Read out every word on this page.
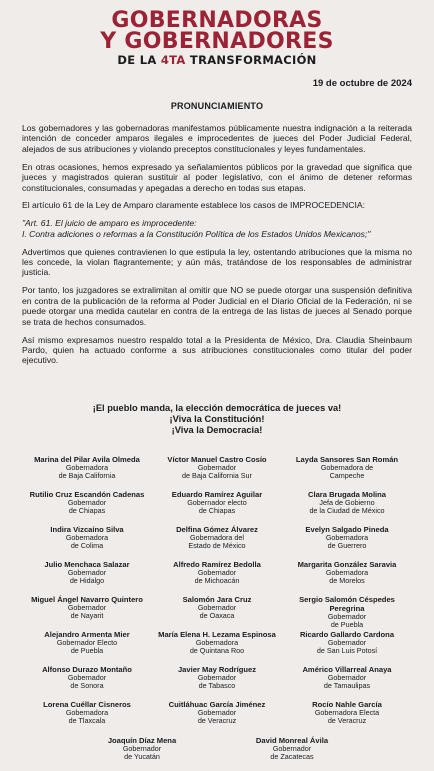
GOBERNADORAS
Y GOBERNADORES
DE LA 4TA TRANSFORMACIÓN
19 de octubre de 2024
PRONUNCIAMIENTO

Los gobernadores y las gobernadoras manifestamos públicamente nuestra indignación a la reiterada intención de conceder amparos ilegales e improcedentes de jueces del Poder Judicial Federal, alejados de sus atribuciones y violando preceptos constitucionales y leyes fundamentales.

En otras ocasiones, hemos expresado ya señalamientos públicos por la gravedad que significa que jueces y magistrados quieran sustituir al poder legislativo, con el ánimo de detener reformas constitucionales, consumadas y apegadas a derecho en todas sus etapas.

El artículo 61 de la Ley de Amparo claramente establece los casos de IMPROCEDENCIA:

"Art. 61. El juicio de amparo es improcedente:
I. Contra adiciones o reformas a la Constitución Política de los Estados Unidos Mexicanos;"

Advertimos que quienes contravienen lo que estipula la ley, ostentando atribuciones que la misma no les concede, la violan flagrantemente; y aún más, tratándose de los responsables de administrar justicia.

Por tanto, los juzgadores se extralimitan al omitir que NO se puede otorgar una suspensión definitiva en contra de la publicación de la reforma al Poder Judicial en el Diario Oficial de la Federación, ni se puede otorgar una medida cautelar en contra de la entrega de las listas de jueces al Senado porque se trata de hechos consumados.

Así mismo expresamos nuestro respaldo total a la Presidenta de México, Dra. Claudia Sheinbaum Pardo, quien ha actuado conforme a sus atribuciones constitucionales como titular del poder ejecutivo.

¡El pueblo manda, la elección democrática de jueces va!
¡Viva la Constitución!
¡Viva la Democracia!
Marina del Pilar Avila Olmeda
Gobernadora
de Baja California
Víctor Manuel Castro Cosío
Gobernador
de Baja California Sur
Layda Sansores San Román
Gobernadora de
Campeche
Rutilio Cruz Escandón Cadenas
Gobernador
de Chiapas
Eduardo Ramírez Aguilar
Gobernador electo
de Chiapas
Clara Brugada Molina
Jefa de Gobierno
de la Ciudad de México
Indira Vizcaíno Silva
Gobernadora
de Colima
Delfina Gómez Álvarez
Gobernadora del
Estado de México
Evelyn Salgado Pineda
Gobernadora
de Guerrero
Julio Menchaca Salazar
Gobernador
de Hidalgo
Alfredo Ramírez Bedolla
Gobernador
de Michoacán
Margarita González Saravia
Gobernadora
de Morelos
Miguel Ángel Navarro Quintero
Gobernador
de Nayarit
Salomón Jara Cruz
Gobernador
de Oaxaca
Sergio Salomón Céspedes Peregrina
Gobernador
de Puebla
Alejandro Armenta Mier
Gobernador Electo
de Puebla
María Elena H. Lezama Espinosa
Gobernadora
de Quintana Roo
Ricardo Gallardo Cardona
Gobernador
de San Luis Potosí
Alfonso Durazo Montaño
Gobernador
de Sonora
Javier May Rodríguez
Gobernador
de Tabasco
Américo Villarreal Anaya
Gobernador
de Tamaulipas
Lorena Cuéllar Cisneros
Gobernadora
de Tlaxcala
Cuitláhuac García Jiménez
Gobernador
de Veracruz
Rocío Nahle García
Gobernadora Electa
de Veracruz
Joaquín Díaz Mena
Gobernador
de Yucatán
David Monreal Ávila
Gobernador
de Zacatecas
